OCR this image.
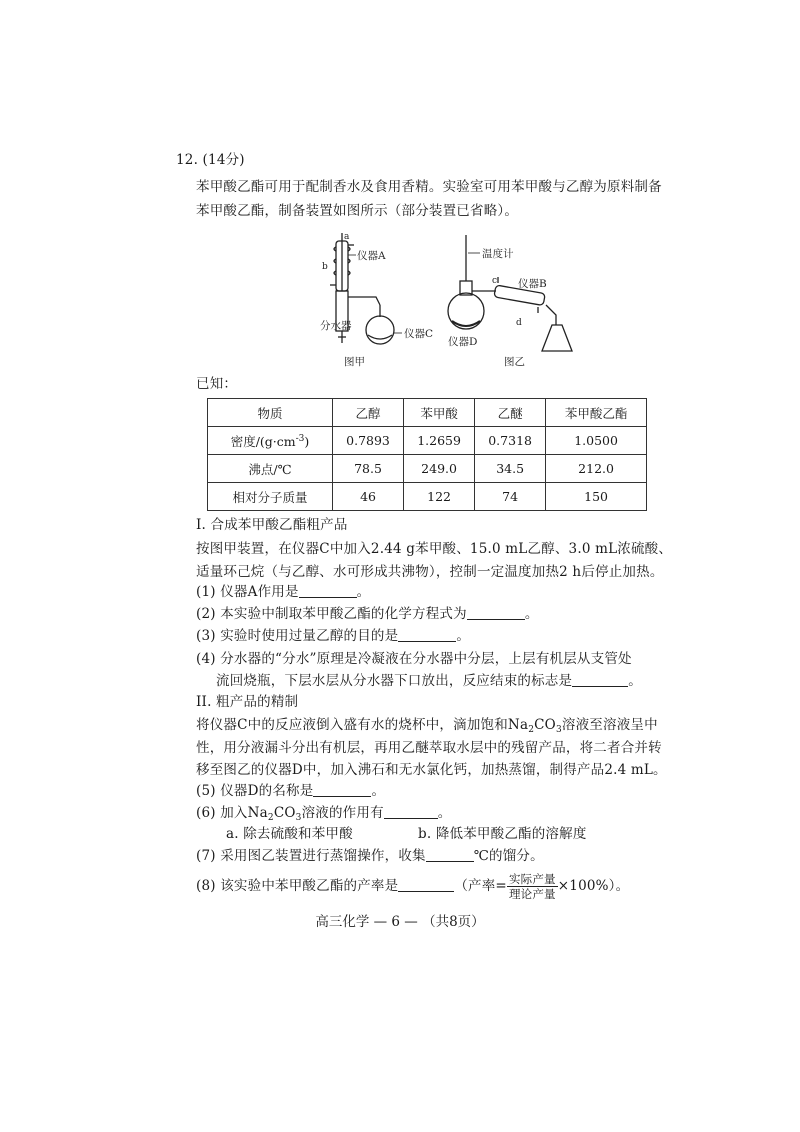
12. (14分)
苯甲酸乙酯可用于配制香水及食用香精。实验室可用苯甲酸与乙醇为原料制备
苯甲酸乙酯，制备装置如图所示（部分装置已省略）。
分水器
a
b
仪器A
仪器C
图甲
温度计
c 仪器B
d
仪器D
图乙
已知：
物质	乙醇	苯甲酸	乙醚	苯甲酸乙酯
密度$/(g\cdot cm^{-3})$	0.7893	1.2659	0.7318	1.0500
沸点/℃	78.5	249.0	34.5	212.0
相对分子质量	46	122	74	150
I. 合成苯甲酸乙酯粗产品
按图甲装置，在仪器C中加入2.44 g苯甲酸、15.0 mL乙醇、3.0 mL浓硫酸、
适量环己烷（与乙醇、水可形成共沸物），控制一定温度加热2 h后停止加热。
(1) 仪器A作用是	。
(2) 本实验中制取苯甲酸乙酯的化学方程式为	。
(3) 实验时使用过量乙醇的目的是	。
(4) 分水器的“分水”原理是冷凝液在分水器中分层，上层有机层从支管处
流回烧瓶，下层水层从分水器下口放出，反应结束的标志是	。
II. 粗产品的精制
将仪器C中的反应液倒入盛有水的烧杯中，滴加饱和$Na_2CO_3$溶液至溶液呈中
性，用分液漏斗分出有机层，再用乙醚萃取水层中的残留产品，将二者合并转
移至图乙的仪器D中，加入沸石和无水氯化钙，加热蒸馏，制得产品2.4 mL。
(5) 仪器D的名称是	。
(6) 加入$Na_2CO_3$溶液的作用有	。
a. 除去硫酸和苯甲酸	b. 降低苯甲酸乙酯的溶解度
(7) 采用图乙装置进行蒸馏操作，收集	℃的馏分。
(8) 该实验中苯甲酸乙酯的产率是	（产率= $\frac{\text{实际产量}}{\text{理论产量}} \times 100\%$）。
高三化学 — 6 — （共8页）
